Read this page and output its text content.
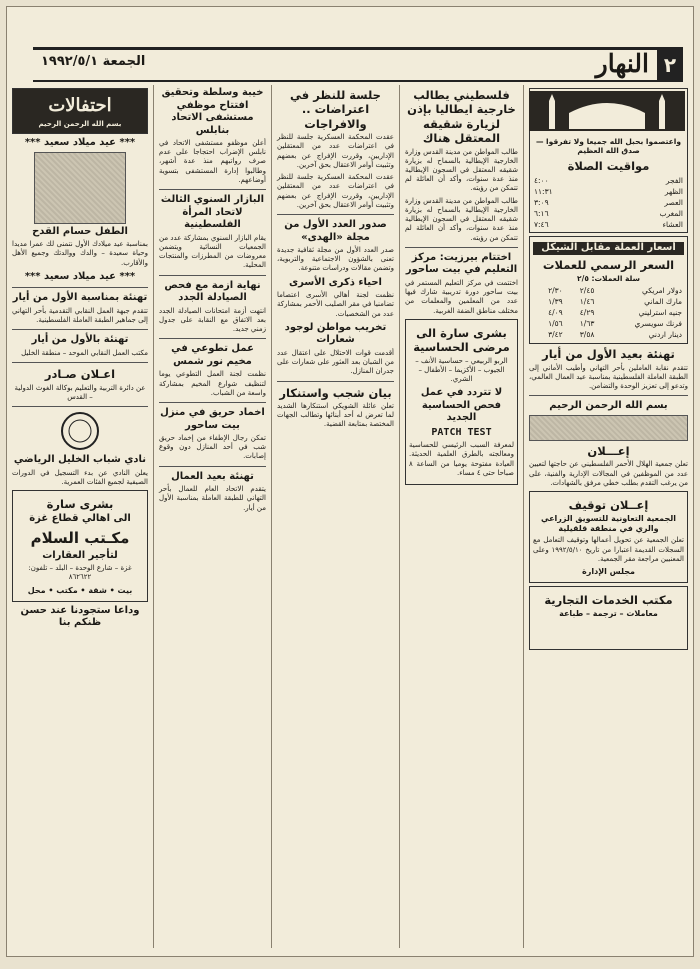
٢
النهار
الجمعة ١٩٩٢/٥/١
واعتصموا بحبل الله جميعا ولا تفرقوا — صدق الله العظيم
مواقيت الصلاة
الفجر	٤:٠٠
الظهر	١١:٣١
العصر	٣:٠٩
المغرب	٦:١٦
العشاء	٧:٤٦
أسعار العملة مقابل الشيكل
السعر الرسمي للعملات
سلة العملات: ٢/٥
دولار امريكي	٢/٤٥	٢/٣٠
مارك الماني	١/٤٦	١/٣٩
جنيه استرليني	٤/٢٩	٤/٠٩
فرنك سويسري	١/٦٣	١/٥٦
دينار اردني	٣/٥٨	٣/٤٢
تهنئة بعيد الأول من أيار

تتقدم نقابة العاملين بأحر التهاني وأطيب الأماني إلى الطبقة العاملة الفلسطينية بمناسبة عيد العمال العالمي، وتدعو إلى تعزيز الوحدة والتضامن.

بسم الله الرحمن الرحيم
إعـــلان

تعلن جمعية الهلال الأحمر الفلسطيني عن حاجتها لتعيين عدد من الموظفين في المجالات الإدارية والفنية، على من يرغب التقدم بطلب خطي مرفق بالشهادات.

إعــلان توقيف
الجمعية التعاونية للتسويق الزراعي والري في منطقة قلقيلية

تعلن الجمعية عن تحويل أعمالها وتوقيف التعامل مع السجلات القديمة اعتبارا من تاريخ ١٩٩٢/٥/١٠ وعلى المعنيين مراجعة مقر الجمعية.

مجلس الإدارة
مكتب الخدمات التجارية
معاملات – ترجمة – طباعة
فلسطيني يطالب خارجية ايطاليا بإذن لزيارة شقيقه المعتقل هناك

طالب المواطن من مدينة القدس وزارة الخارجية الإيطالية بالسماح له بزيارة شقيقه المعتقل في السجون الإيطالية منذ عدة سنوات، وأكد أن العائلة لم تتمكن من رؤيته.

طالب المواطن من مدينة القدس وزارة الخارجية الإيطالية بالسماح له بزيارة شقيقه المعتقل في السجون الإيطالية منذ عدة سنوات، وأكد أن العائلة لم تتمكن من رؤيته.

اختتام بيرزيت: مركز التعليم في بيت ساحور

اختتمت في مركز التعليم المستمر في بيت ساحور دورة تدريبية شارك فيها عدد من المعلمين والمعلمات من مختلف مناطق الضفة الغربية.

بشرى سارة الى مرضى الحساسية

الربو الربيعي – حساسية الأنف – الجيوب – الأكزيما – الأطفال – الشري.

لا تتردد في عمل فحص الحساسية الجديد
PATCH TEST

لمعرفة السبب الرئيسي للحساسية ومعالجته بالطرق العلمية الحديثة. العيادة مفتوحة يوميا من الساعة ٨ صباحا حتى ٤ مساء.

جلسة للنظر في اعتراضات .. والافراجات

عقدت المحكمة العسكرية جلسة للنظر في اعتراضات عدد من المعتقلين الإداريين، وقررت الإفراج عن بعضهم وتثبيت أوامر الاعتقال بحق آخرين.

عقدت المحكمة العسكرية جلسة للنظر في اعتراضات عدد من المعتقلين الإداريين، وقررت الإفراج عن بعضهم وتثبيت أوامر الاعتقال بحق آخرين.

صدور العدد الأول من مجلة «الهدى»

صدر العدد الأول من مجلة ثقافية جديدة تعنى بالشؤون الاجتماعية والتربوية، وتضمن مقالات ودراسات متنوعة.

احياء ذكرى الأسرى

نظمت لجنة أهالي الأسرى اعتصاما تضامنيا في مقر الصليب الأحمر بمشاركة عدد من الشخصيات.

تخريب مواطن لوجود شعارات

أقدمت قوات الاحتلال على اعتقال عدد من الشبان بعد العثور على شعارات على جدران المنازل.

بيان شجب واستنكار

تعلن عائلة الشويكي استنكارها الشديد لما تعرض له أحد أبنائها وتطالب الجهات المختصة بمتابعة القضية.

خيبة وسلطة وتحقيق افتتاح موظفي مستشفى الاتحاد بنابلس

أعلن موظفو مستشفى الاتحاد في نابلس الإضراب احتجاجا على عدم صرف رواتبهم منذ عدة أشهر، وطالبوا إدارة المستشفى بتسوية أوضاعهم.

البازار السنوي الثالث لاتحاد المرأة الفلسطينية

يقام البازار السنوي بمشاركة عدد من الجمعيات النسائية ويتضمن معروضات من المطرزات والمنتجات المحلية.

نهاية ازمة مع فحص الصيادلة الجدد

انتهت أزمة امتحانات الصيادلة الجدد بعد الاتفاق مع النقابة على جدول زمني جديد.

عمل تطوعي في مخيم نور شمس

نظمت لجنة العمل التطوعي يوما لتنظيف شوارع المخيم بمشاركة واسعة من الشباب.

اخماد حريق في منزل بيت ساحور

تمكن رجال الإطفاء من إخماد حريق شب في أحد المنازل دون وقوع إصابات.

تهنئة بعيد العمال

يتقدم الاتحاد العام للعمال بأحر التهاني للطبقة العاملة بمناسبة الأول من أيار.

احتفالات
بسم الله الرحمن الرحيم
*** عيد ميلاد سعيد ***
الطفل حسام القدح

بمناسبة عيد ميلادك الأول نتمنى لك عمرا مديدا وحياة سعيدة – والدك ووالدتك وجميع الأهل والأقارب.

*** عيد ميلاد سعيد ***
تهنئة بمناسبة الأول من أيار

تتقدم جبهة العمل النقابي التقدمية بأحر التهاني إلى جماهير الطبقة العاملة الفلسطينية.

تهنئة بالأول من أيار

مكتب العمل النقابي الموحد – منطقة الخليل

اعـلان صـادر

عن دائرة التربية والتعليم بوكالة الغوث الدولية – القدس

نادي شباب الخليل الرياضي

يعلن النادي عن بدء التسجيل في الدورات الصيفية لجميع الفئات العمرية.

بشرى سارة
الى اهالي قطاع غزة
مكـتب السلام
لتأجير العقارات

غزة – شارع الوحدة – البلد – تلفون: ٨٦٢٦٢٢

بيت • شقة • مكتب • محل
وداعا ستجودنا عند حسن ظنكم بنا
